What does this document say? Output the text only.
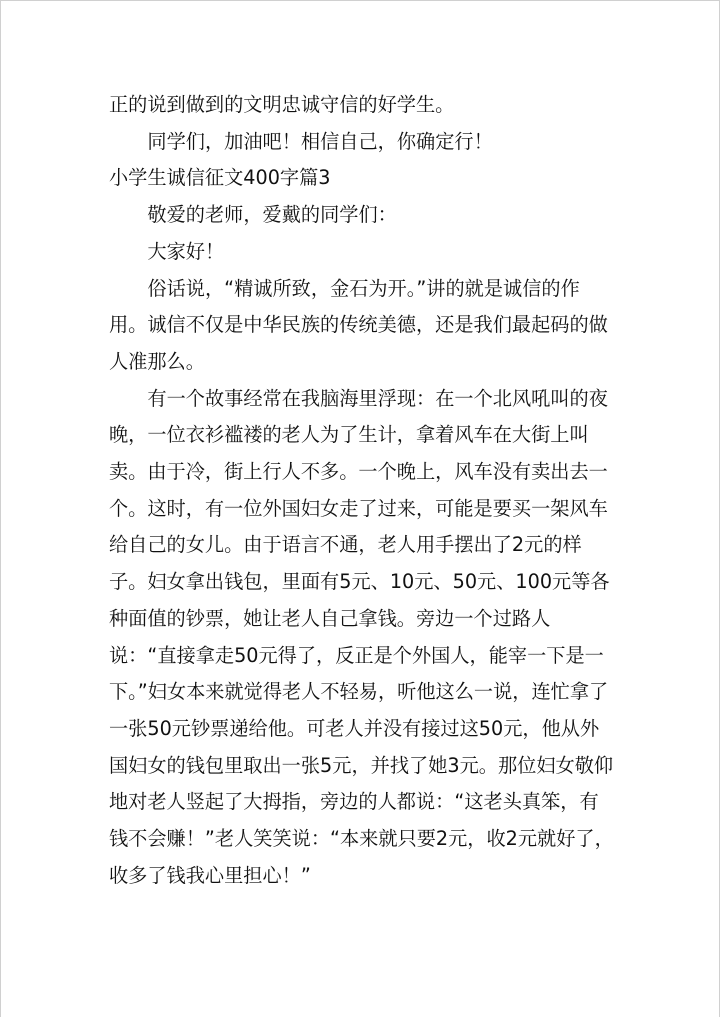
正的说到做到的文明忠诚守信的好学生。

同学们，加油吧！相信自己，你确定行！

小学生诚信征文400字篇3

敬爱的老师，爱戴的同学们：

大家好！

俗话说，“精诚所致，金石为开。”讲的就是诚信的作用。诚信不仅是中华民族的传统美德，还是我们最起码的做人准那么。

有一个故事经常在我脑海里浮现：在一个北风吼叫的夜晚，一位衣衫褴褛的老人为了生计，拿着风车在大街上叫卖。由于冷，街上行人不多。一个晚上，风车没有卖出去一个。这时，有一位外国妇女走了过来，可能是要买一架风车给自己的女儿。由于语言不通，老人用手摆出了2元的样子。妇女拿出钱包，里面有5元、10元、50元、100元等各种面值的钞票，她让老人自己拿钱。旁边一个过路人说：“直接拿走50元得了，反正是个外国人，能宰一下是一下。”妇女本来就觉得老人不轻易，听他这么一说，连忙拿了一张50元钞票递给他。可老人并没有接过这50元，他从外国妇女的钱包里取出一张5元，并找了她3元。那位妇女敬仰地对老人竖起了大拇指，旁边的人都说：“这老头真笨，有钱不会赚！”老人笑笑说：“本来就只要2元，收2元就好了，收多了钱我心里担心！”
